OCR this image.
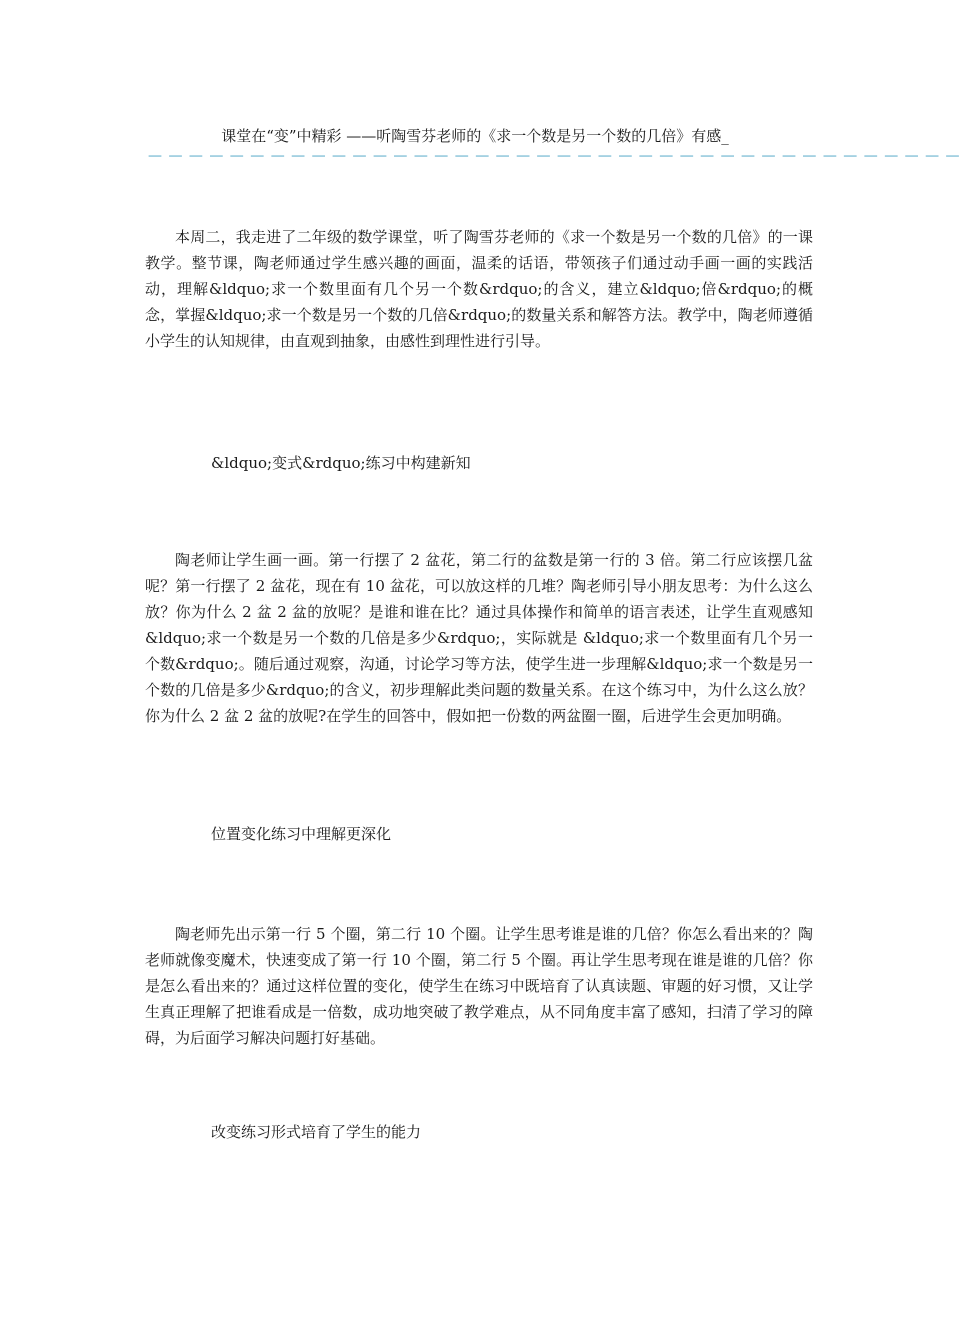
课堂在“变”中精彩 ——听陶雪芬老师的《求一个数是另一个数的几倍》有感_
— — — — — — — — — — — — — — — — — — — — — — — — — — — — — — — — — — — — — — — —

本周二，我走进了二年级的数学课堂，听了陶雪芬老师的《求一个数是另一个数的几倍》的一课教学。整节课，陶老师通过学生感兴趣的画面，温柔的话语，带领孩子们通过动手画一画的实践活动，理解&ldquo;求一个数里面有几个另一个数&rdquo;的含义，建立&ldquo;倍&rdquo;的概念，掌握&ldquo;求一个数是另一个数的几倍&rdquo;的数量关系和解答方法。教学中，陶老师遵循小学生的认知规律，由直观到抽象，由感性到理性进行引导。

&ldquo;变式&rdquo;练习中构建新知

陶老师让学生画一画。第一行摆了 2 盆花，第二行的盆数是第一行的 3 倍。第二行应该摆几盆呢？第一行摆了 2 盆花，现在有 10 盆花，可以放这样的几堆？陶老师引导小朋友思考：为什么这么放？你为什么 2 盆 2 盆的放呢？是谁和谁在比？通过具体操作和简单的语言表述，让学生直观感知&ldquo;求一个数是另一个数的几倍是多少&rdquo;，实际就是 &ldquo;求一个数里面有几个另一个数&rdquo;。随后通过观察，沟通，讨论学习等方法，使学生进一步理解&ldquo;求一个数是另一个数的几倍是多少&rdquo;的含义，初步理解此类问题的数量关系。在这个练习中，为什么这么放？你为什么 2 盆 2 盆的放呢?在学生的回答中，假如把一份数的两盆圈一圈，后进学生会更加明确。

位置变化练习中理解更深化

陶老师先出示第一行 5 个圈，第二行 10 个圈。让学生思考谁是谁的几倍？你怎么看出来的？陶老师就像变魔术，快速变成了第一行 10 个圈，第二行 5 个圈。再让学生思考现在谁是谁的几倍？你是怎么看出来的？通过这样位置的变化，使学生在练习中既培育了认真读题、审题的好习惯，又让学生真正理解了把谁看成是一倍数，成功地突破了教学难点，从不同角度丰富了感知，扫清了学习的障碍，为后面学习解决问题打好基础。

改变练习形式培育了学生的能力
